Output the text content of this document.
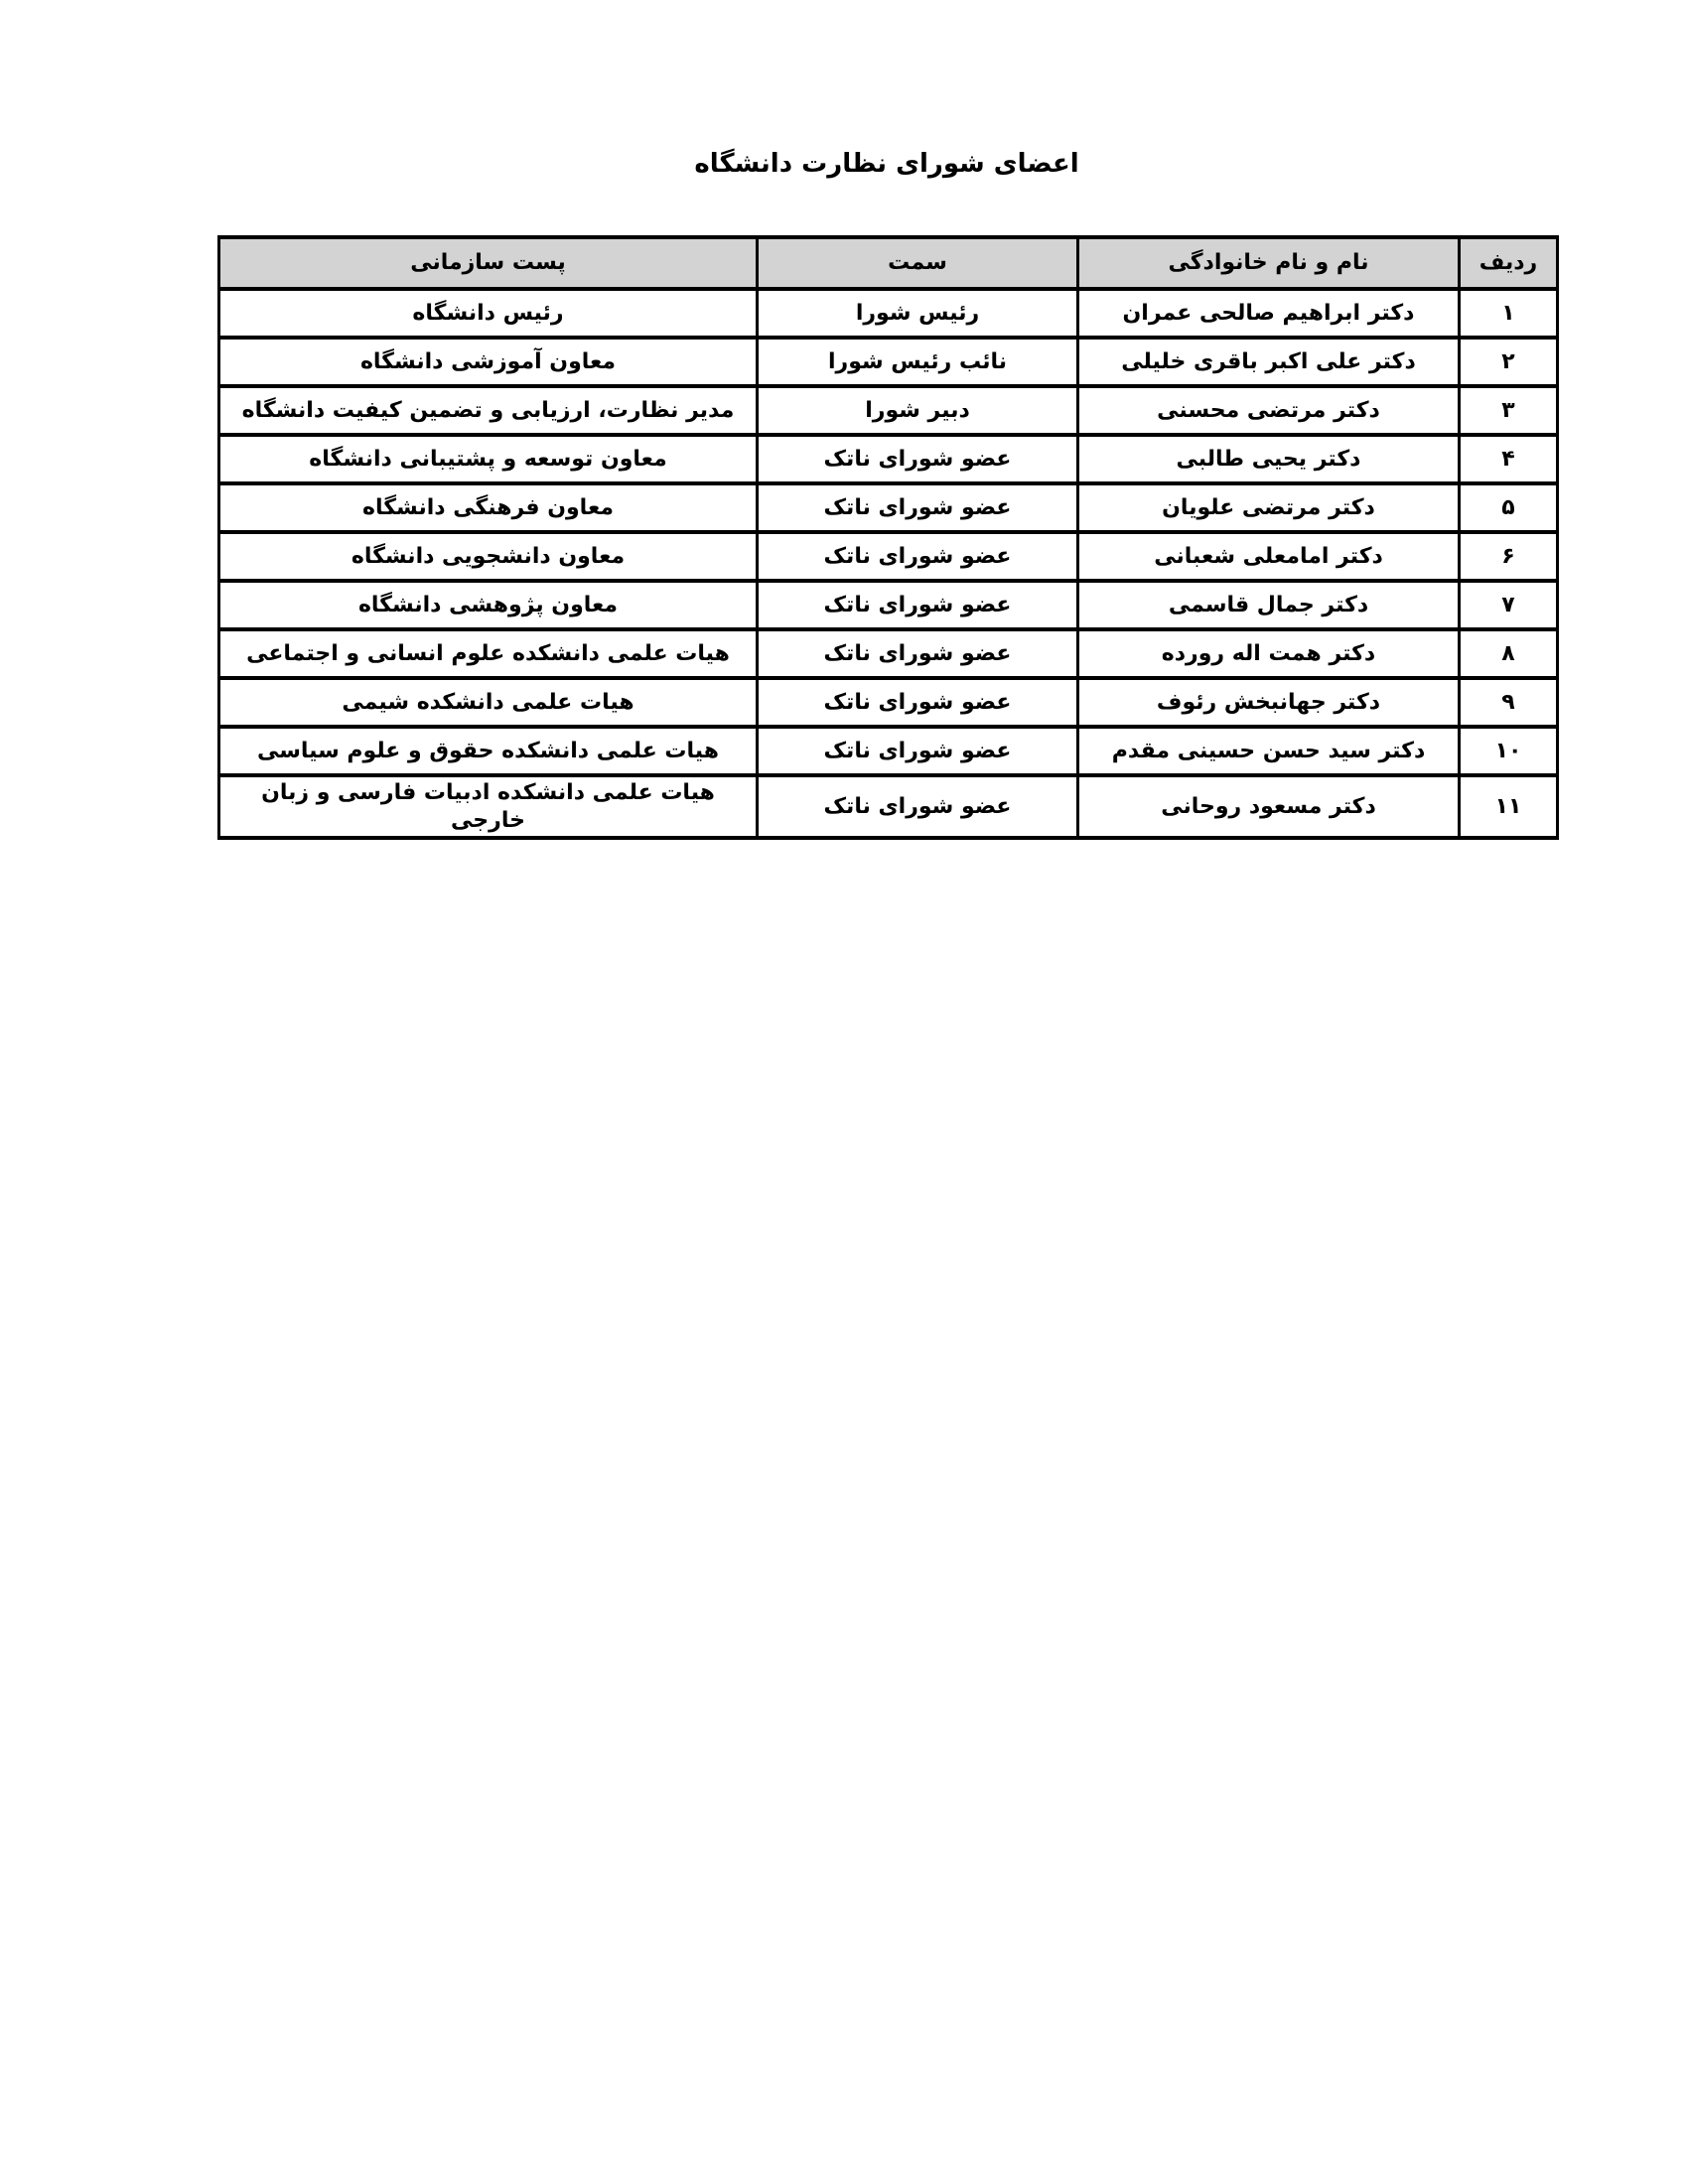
اعضای شورای نظارت دانشگاه
ردیف	نام و نام خانوادگی	سمت	پست سازمانی
۱	دکتر ابراهیم صالحی عمران	رئیس شورا	رئیس دانشگاه
۲	دکتر علی اکبر باقری خلیلی	نائب رئیس شورا	معاون آموزشی دانشگاه
۳	دکتر مرتضی محسنی	دبیر شورا	مدیر نظارت، ارزیابی و تضمین کیفیت دانشگاه
۴	دکتر یحیی طالبی	عضو شورای ناتک	معاون توسعه و پشتیبانی دانشگاه
۵	دکتر مرتضی علویان	عضو شورای ناتک	معاون فرهنگی دانشگاه
۶	دکتر امامعلی شعبانی	عضو شورای ناتک	معاون دانشجویی دانشگاه
۷	دکتر جمال قاسمی	عضو شورای ناتک	معاون پژوهشی دانشگاه
۸	دکتر همت اله رورده	عضو شورای ناتک	هیات علمی دانشکده علوم انسانی و اجتماعی
۹	دکتر جهانبخش رئوف	عضو شورای ناتک	هیات علمی دانشکده شیمی
۱۰	دکتر سید حسن حسینی مقدم	عضو شورای ناتک	هیات علمی دانشکده حقوق و علوم سیاسی
۱۱	دکتر مسعود روحانی	عضو شورای ناتک	هیات علمی دانشکده ادبیات فارسی و زبان خارجی
